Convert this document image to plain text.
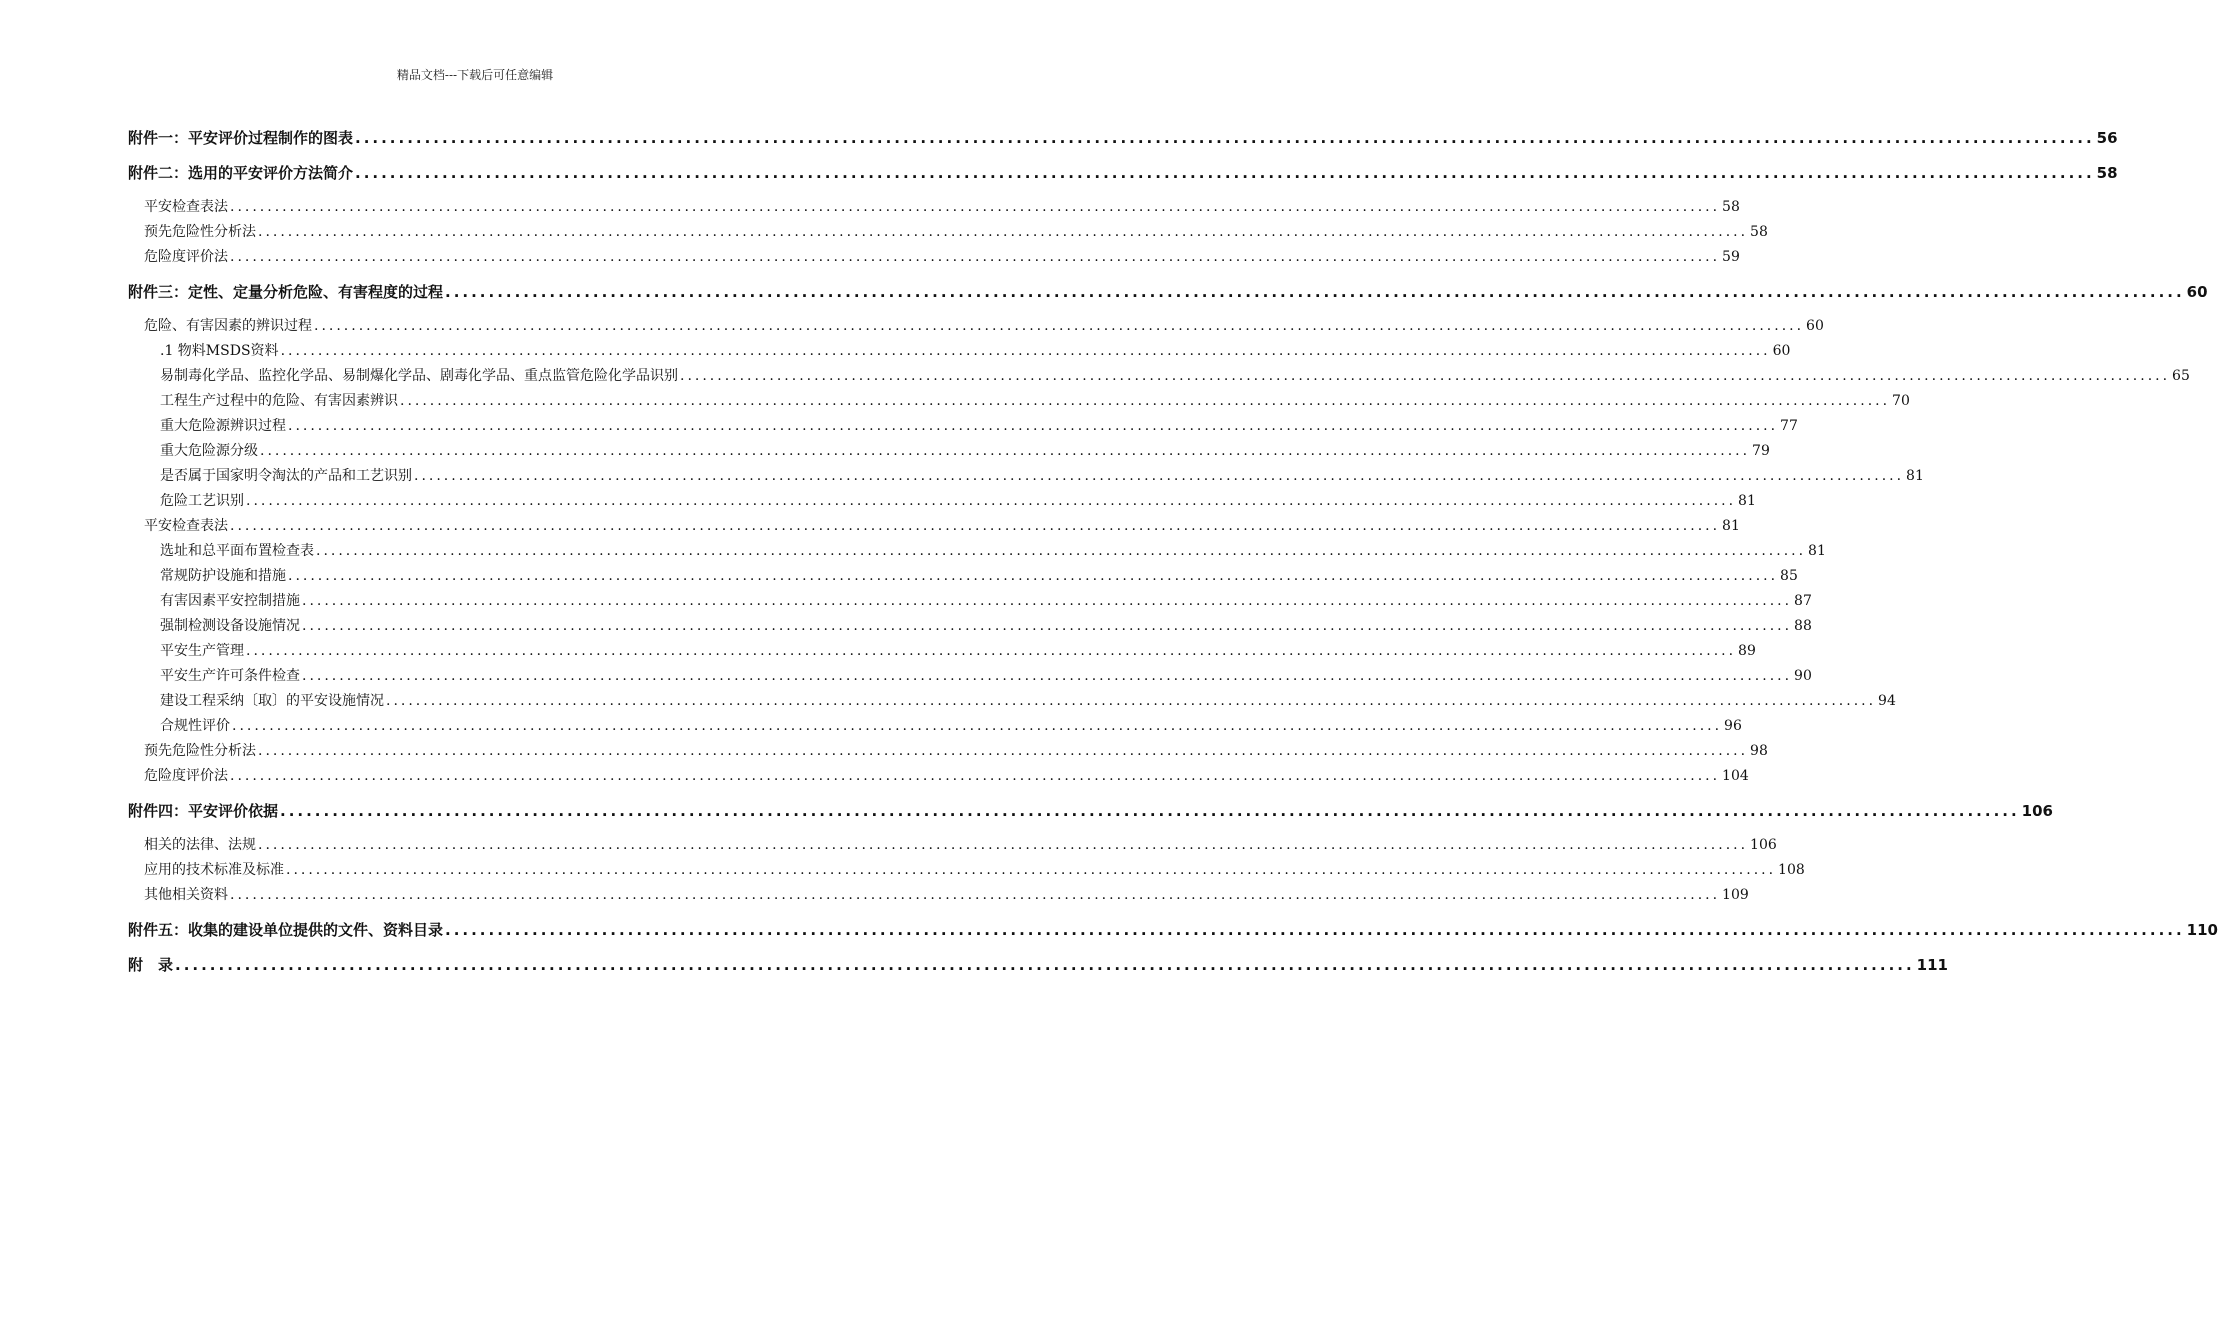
精品文档---下载后可任意编辑
附件一：平安评价过程制作的图表 ........................................................................................................................................................................................................ 56
附件二：选用的平安评价方法简介 ........................................................................................................................................................................................................ 58
平安检查表法 ........................................................................................................................................................................................................ 58
预先危险性分析法 ........................................................................................................................................................................................................ 58
危险度评价法 ........................................................................................................................................................................................................ 59
附件三：定性、定量分析危险、有害程度的过程 ........................................................................................................................................................................................................ 60
危险、有害因素的辨识过程 ........................................................................................................................................................................................................ 60
.1 物料MSDS资料 ........................................................................................................................................................................................................ 60
易制毒化学品、监控化学品、易制爆化学品、剧毒化学品、重点监管危险化学品识别 ........................................................................................................................................................................................................ 65
工程生产过程中的危险、有害因素辨识 ........................................................................................................................................................................................................ 70
重大危险源辨识过程 ........................................................................................................................................................................................................ 77
重大危险源分级 ........................................................................................................................................................................................................ 79
是否属于国家明令淘汰的产品和工艺识别 ........................................................................................................................................................................................................ 81
危险工艺识别 ........................................................................................................................................................................................................ 81
平安检查表法 ........................................................................................................................................................................................................ 81
选址和总平面布置检查表 ........................................................................................................................................................................................................ 81
常规防护设施和措施 ........................................................................................................................................................................................................ 85
有害因素平安控制措施 ........................................................................................................................................................................................................ 87
强制检测设备设施情况 ........................................................................................................................................................................................................ 88
平安生产管理 ........................................................................................................................................................................................................ 89
平安生产许可条件检查 ........................................................................................................................................................................................................ 90
建设工程采纳〔取〕的平安设施情况 ........................................................................................................................................................................................................ 94
合规性评价 ........................................................................................................................................................................................................ 96
预先危险性分析法 ........................................................................................................................................................................................................ 98
危险度评价法 ........................................................................................................................................................................................................ 104
附件四：平安评价依据 ........................................................................................................................................................................................................ 106
相关的法律、法规 ........................................................................................................................................................................................................ 106
应用的技术标准及标准 ........................................................................................................................................................................................................ 108
其他相关资料 ........................................................................................................................................................................................................ 109
附件五：收集的建设单位提供的文件、资料目录 ........................................................................................................................................................................................................ 110
附　录 ........................................................................................................................................................................................................ 111
